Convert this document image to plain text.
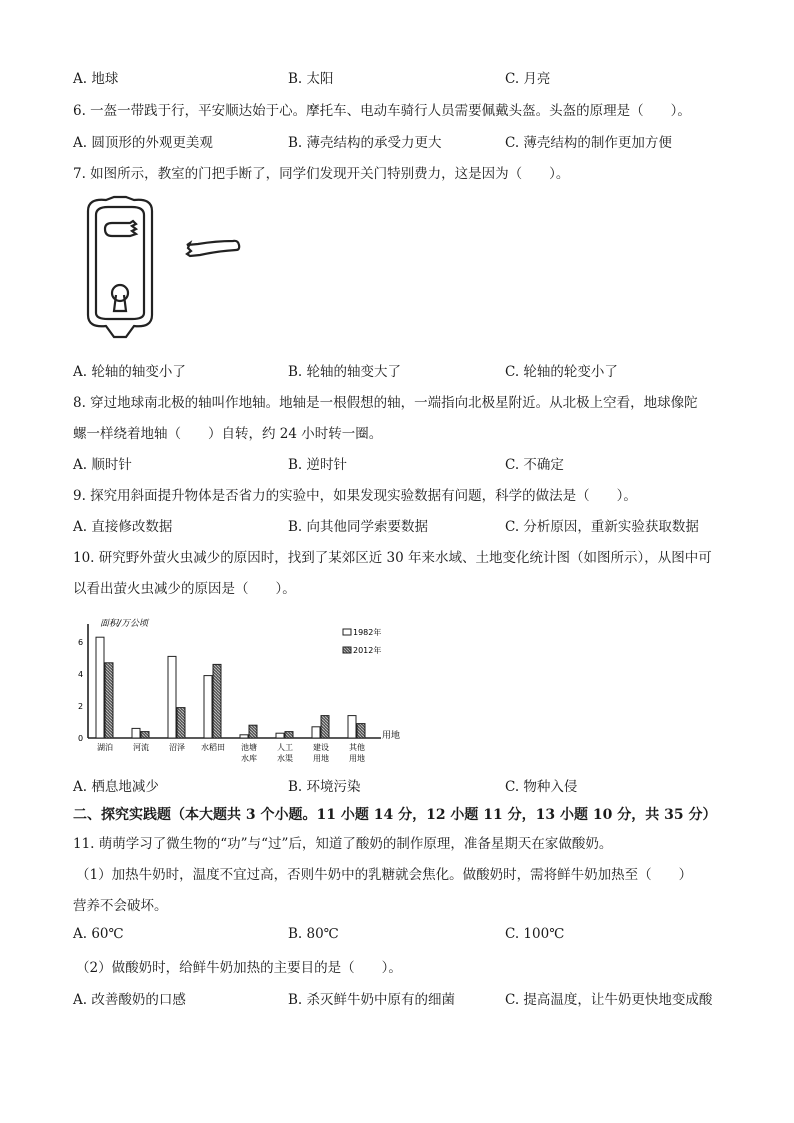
A. 地球	B. 太阳	C. 月亮
6. 一盔一带践于行，平安顺达始于心。摩托车、电动车骑行人员需要佩戴头盔。头盔的原理是（　　）。
A. 圆顶形的外观更美观	B. 薄壳结构的承受力更大	C. 薄壳结构的制作更加方便
7. 如图所示，教室的门把手断了，同学们发现开关门特别费力，这是因为（　　）。
A. 轮轴的轴变小了	B. 轮轴的轴变大了	C. 轮轴的轮变小了
8. 穿过地球南北极的轴叫作地轴。地轴是一根假想的轴，一端指向北极星附近。从北极上空看，地球像陀
螺一样绕着地轴（　　）自转，约 24 小时转一圈。
A. 顺时针	B. 逆时针	C. 不确定
9. 探究用斜面提升物体是否省力的实验中，如果发现实验数据有问题，科学的做法是（　　）。
A. 直接修改数据	B. 向其他同学索要数据	C. 分析原因，重新实验获取数据
10. 研究野外萤火虫减少的原因时，找到了某郊区近 30 年来水域、土地变化统计图（如图所示），从图中可
以看出萤火虫减少的原因是（　　）。
面积/万公顷
用地
1982年
2012年
0
2
4
6
湖泊	河流	沼泽 水稻田 池塘
水库
人工
水渠
建设
用地
其他
用地
A. 栖息地减少	B. 环境污染	C. 物种入侵
二、探究实践题（本大题共 3 个小题。11 小题 14 分，12 小题 11 分，13 小题 10 分，共 35 分）
11. 萌萌学习了微生物的“功”与“过”后，知道了酸奶的制作原理，准备星期天在家做酸奶。
（1）加热牛奶时，温度不宜过高，否则牛奶中的乳糖就会焦化。做酸奶时，需将鲜牛奶加热至（　　）
营养不会破坏。
A. 60℃	B. 80℃	C. 100℃
（2）做酸奶时，给鲜牛奶加热的主要目的是（　　）。
A. 改善酸奶的口感	B. 杀灭鲜牛奶中原有的细菌	C. 提高温度，让牛奶更快地变成酸
